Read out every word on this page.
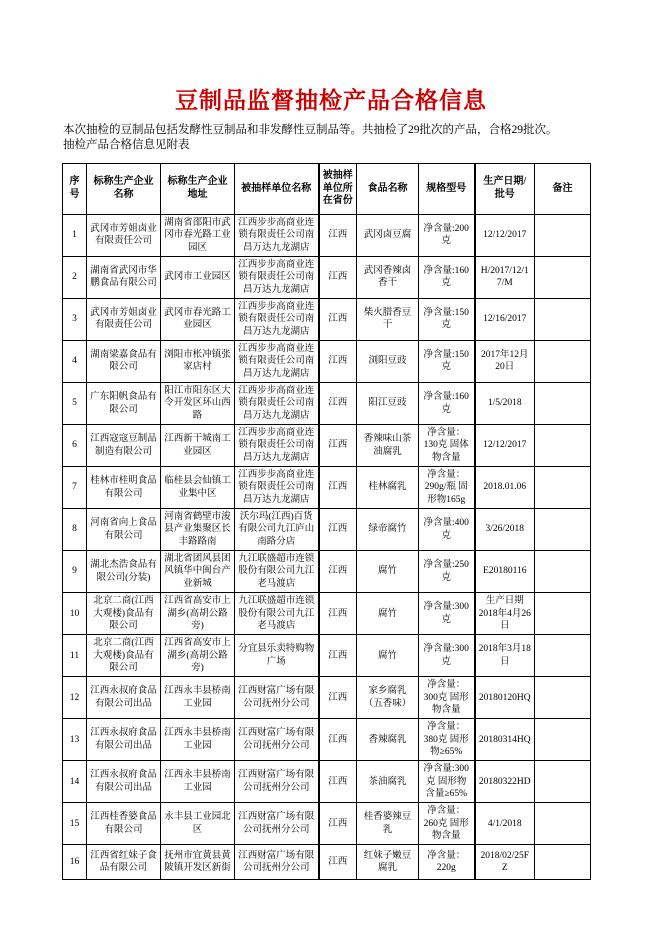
豆制品监督抽检产品合格信息
本次抽检的豆制品包括发酵性豆制品和非发酵性豆制品等。共抽检了29批次的产品，合格29批次。
抽检产品合格信息见附表
序号	标称生产企业名称	标称生产企业地址	被抽样单位名称	被抽样单位所在省份	食品名称	规格型号	生产日期/批号	备注
1	武冈市芳姐卤业有限责任公司	湖南省邵阳市武冈市春光路工业园区	江西步步高商业连锁有限责任公司南昌万达九龙湖店	江西	武冈卤豆腐	净含量:200克	12/12/2017	
2	湖南省武冈市华鹏食品有限公司	武冈市工业园区	江西步步高商业连锁有限责任公司南昌万达九龙湖店	江西	武冈香辣卤香干	净含量:160克	H/2017/12/17/M	
3	武冈市芳姐卤业有限责任公司	武冈市春光路工业园区	江西步步高商业连锁有限责任公司南昌万达九龙湖店	江西	柴火腊香豆干	净含量:150克	12/16/2017	
4	湖南梁嘉食品有限公司	浏阳市枨冲镇张家店村	江西步步高商业连锁有限责任公司南昌万达九龙湖店	江西	浏阳豆豉	净含量:150克	2017年12月20日	
5	广东阳帆食品有限公司	阳江市阳东区大令开发区环山西路	江西步步高商业连锁有限责任公司南昌万达九龙湖店	江西	阳江豆豉	净含量:160克	1/5/2018	
6	江西寇寇豆制品制造有限公司	江西新干城南工业园区	江西步步高商业连锁有限责任公司南昌万达九龙湖店	江西	香辣味山茶油腐乳	净含量：130克 固体物含量	12/12/2017	
7	桂林市桂明食品有限公司	临桂县会仙镇工业集中区	江西步步高商业连锁有限责任公司南昌万达九龙湖店	江西	桂林腐乳	净含量：290g/瓶 固形物165g	2018.01.06	
8	河南省向上食品有限公司	河南省鹤壁市浚县产业集聚区长丰路路南	沃尔玛(江西)百货有限公司九江庐山南路分店	江西	绿帝腐竹	净含量:400克	3/26/2018	
9	湖北杰浩食品有限公司(分装)	湖北省团风县团风镇华中闽台产业新城	九江联盛超市连锁股份有限公司九江老马渡店	江西	腐竹	净含量:250克	E20180116	
10	北京二商(江西大观楼)食品有限公司	江西省高安市上湖乡(高胡公路旁)	九江联盛超市连锁股份有限公司九江老马渡店	江西	腐竹	净含量:300克	生产日期2018年4月26日	
11	北京二商(江西大观楼)食品有限公司	江西省高安市上湖乡(高胡公路旁)	分宜县乐卖特购物广场	江西	腐竹	净含量:300克	2018年3月18日	
12	江西永叔府食品有限公司出品	江西永丰县桥南工业园	江西财富广场有限公司抚州分公司	江西	家乡腐乳（五香味）	净含量：300克 固形物含量	20180120HQ	
13	江西永叔府食品有限公司出品	江西永丰县桥南工业园	江西财富广场有限公司抚州分公司	江西	香辣腐乳	净含量：380克 固形物≥65%	20180314HQ	
14	江西永叔府食品有限公司出品	江西永丰县桥南工业园	江西财富广场有限公司抚州分公司	江西	茶油腐乳	净含量:300克 固形物含量≥65%	20180322HD	
15	江西桂香婆食品有限公司	永丰县工业园北区	江西财富广场有限公司抚州分公司	江西	桂香婆辣豆乳	净含量：260克 固形物含量	4/1/2018	
16	江西省红妹子食品有限公司	抚州市宜黄县黄陂镇开发区新街	江西财富广场有限公司抚州分公司	江西	红妹子嫩豆腐乳	净含量：220g	2018/02/25FZ	
